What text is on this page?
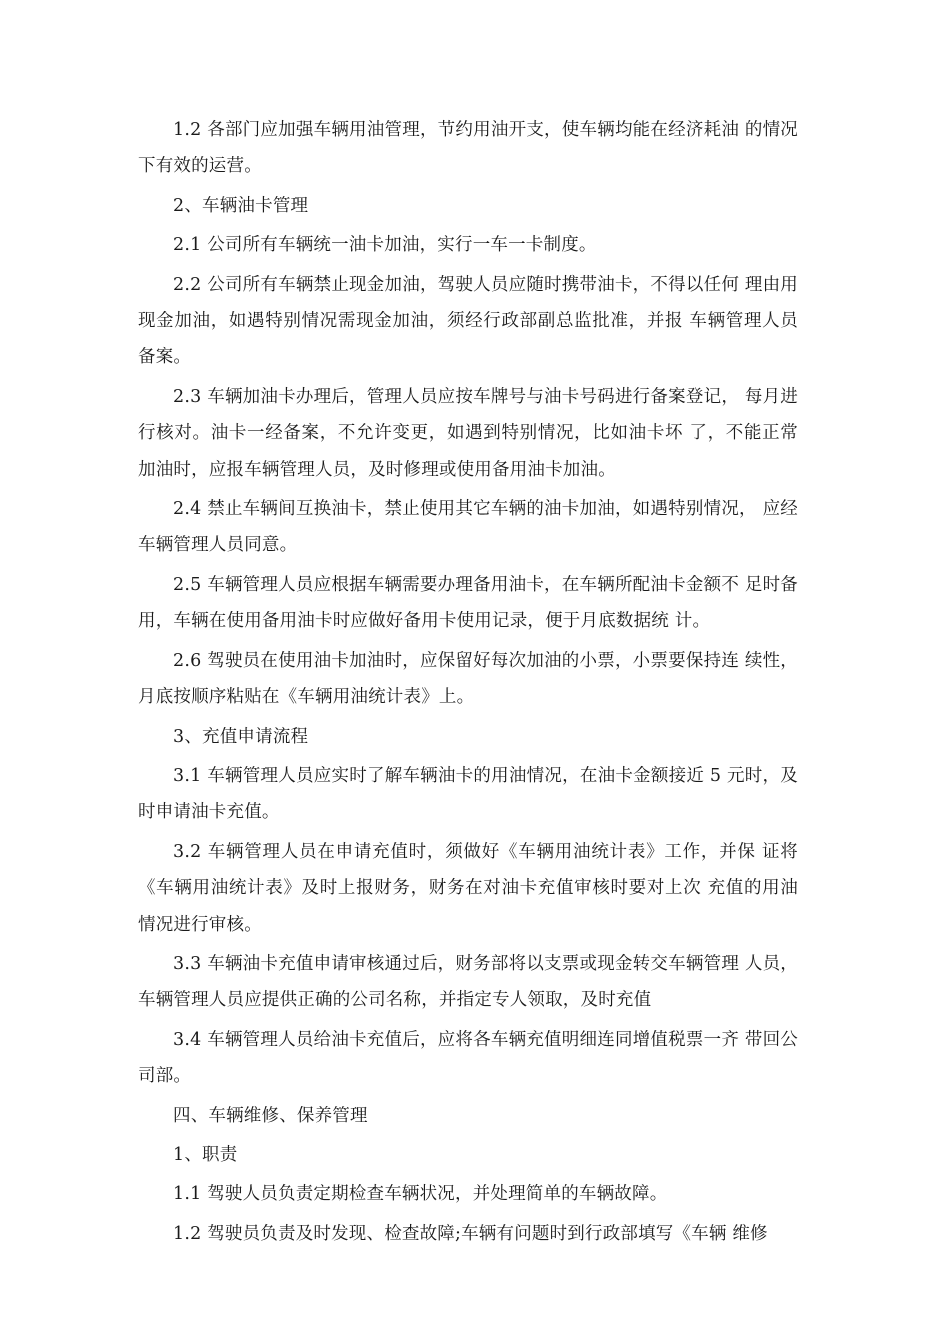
1.2 各部门应加强车辆用油管理，节约用油开支，使车辆均能在经济耗油 的情况下有效的运营。

2、车辆油卡管理

2.1 公司所有车辆统一油卡加油，实行一车一卡制度。

2.2 公司所有车辆禁止现金加油，驾驶人员应随时携带油卡，不得以任何 理由用现金加油，如遇特别情况需现金加油，须经行政部副总监批准，并报 车辆管理人员备案。

2.3 车辆加油卡办理后，管理人员应按车牌号与油卡号码进行备案登记， 每月进行核对。油卡一经备案，不允许变更，如遇到特别情况，比如油卡坏 了，不能正常加油时，应报车辆管理人员，及时修理或使用备用油卡加油。

2.4 禁止车辆间互换油卡，禁止使用其它车辆的油卡加油，如遇特别情况， 应经车辆管理人员同意。

2.5 车辆管理人员应根据车辆需要办理备用油卡，在车辆所配油卡金额不 足时备用，车辆在使用备用油卡时应做好备用卡使用记录，便于月底数据统 计。

2.6 驾驶员在使用油卡加油时，应保留好每次加油的小票，小票要保持连 续性，月底按顺序粘贴在《车辆用油统计表》上。

3、充值申请流程

3.1 车辆管理人员应实时了解车辆油卡的用油情况，在油卡金额接近 5 元时，及时申请油卡充值。

3.2 车辆管理人员在申请充值时，须做好《车辆用油统计表》工作，并保 证将《车辆用油统计表》及时上报财务，财务在对油卡充值审核时要对上次 充值的用油情况进行审核。

3.3 车辆油卡充值申请审核通过后，财务部将以支票或现金转交车辆管理 人员，车辆管理人员应提供正确的公司名称，并指定专人领取，及时充值

3.4 车辆管理人员给油卡充值后，应将各车辆充值明细连同增值税票一齐 带回公司部。

四、车辆维修、保养管理

1、职责

1.1 驾驶人员负责定期检查车辆状况，并处理简单的车辆故障。

1.2 驾驶员负责及时发现、检查故障;车辆有问题时到行政部填写《车辆 维修
